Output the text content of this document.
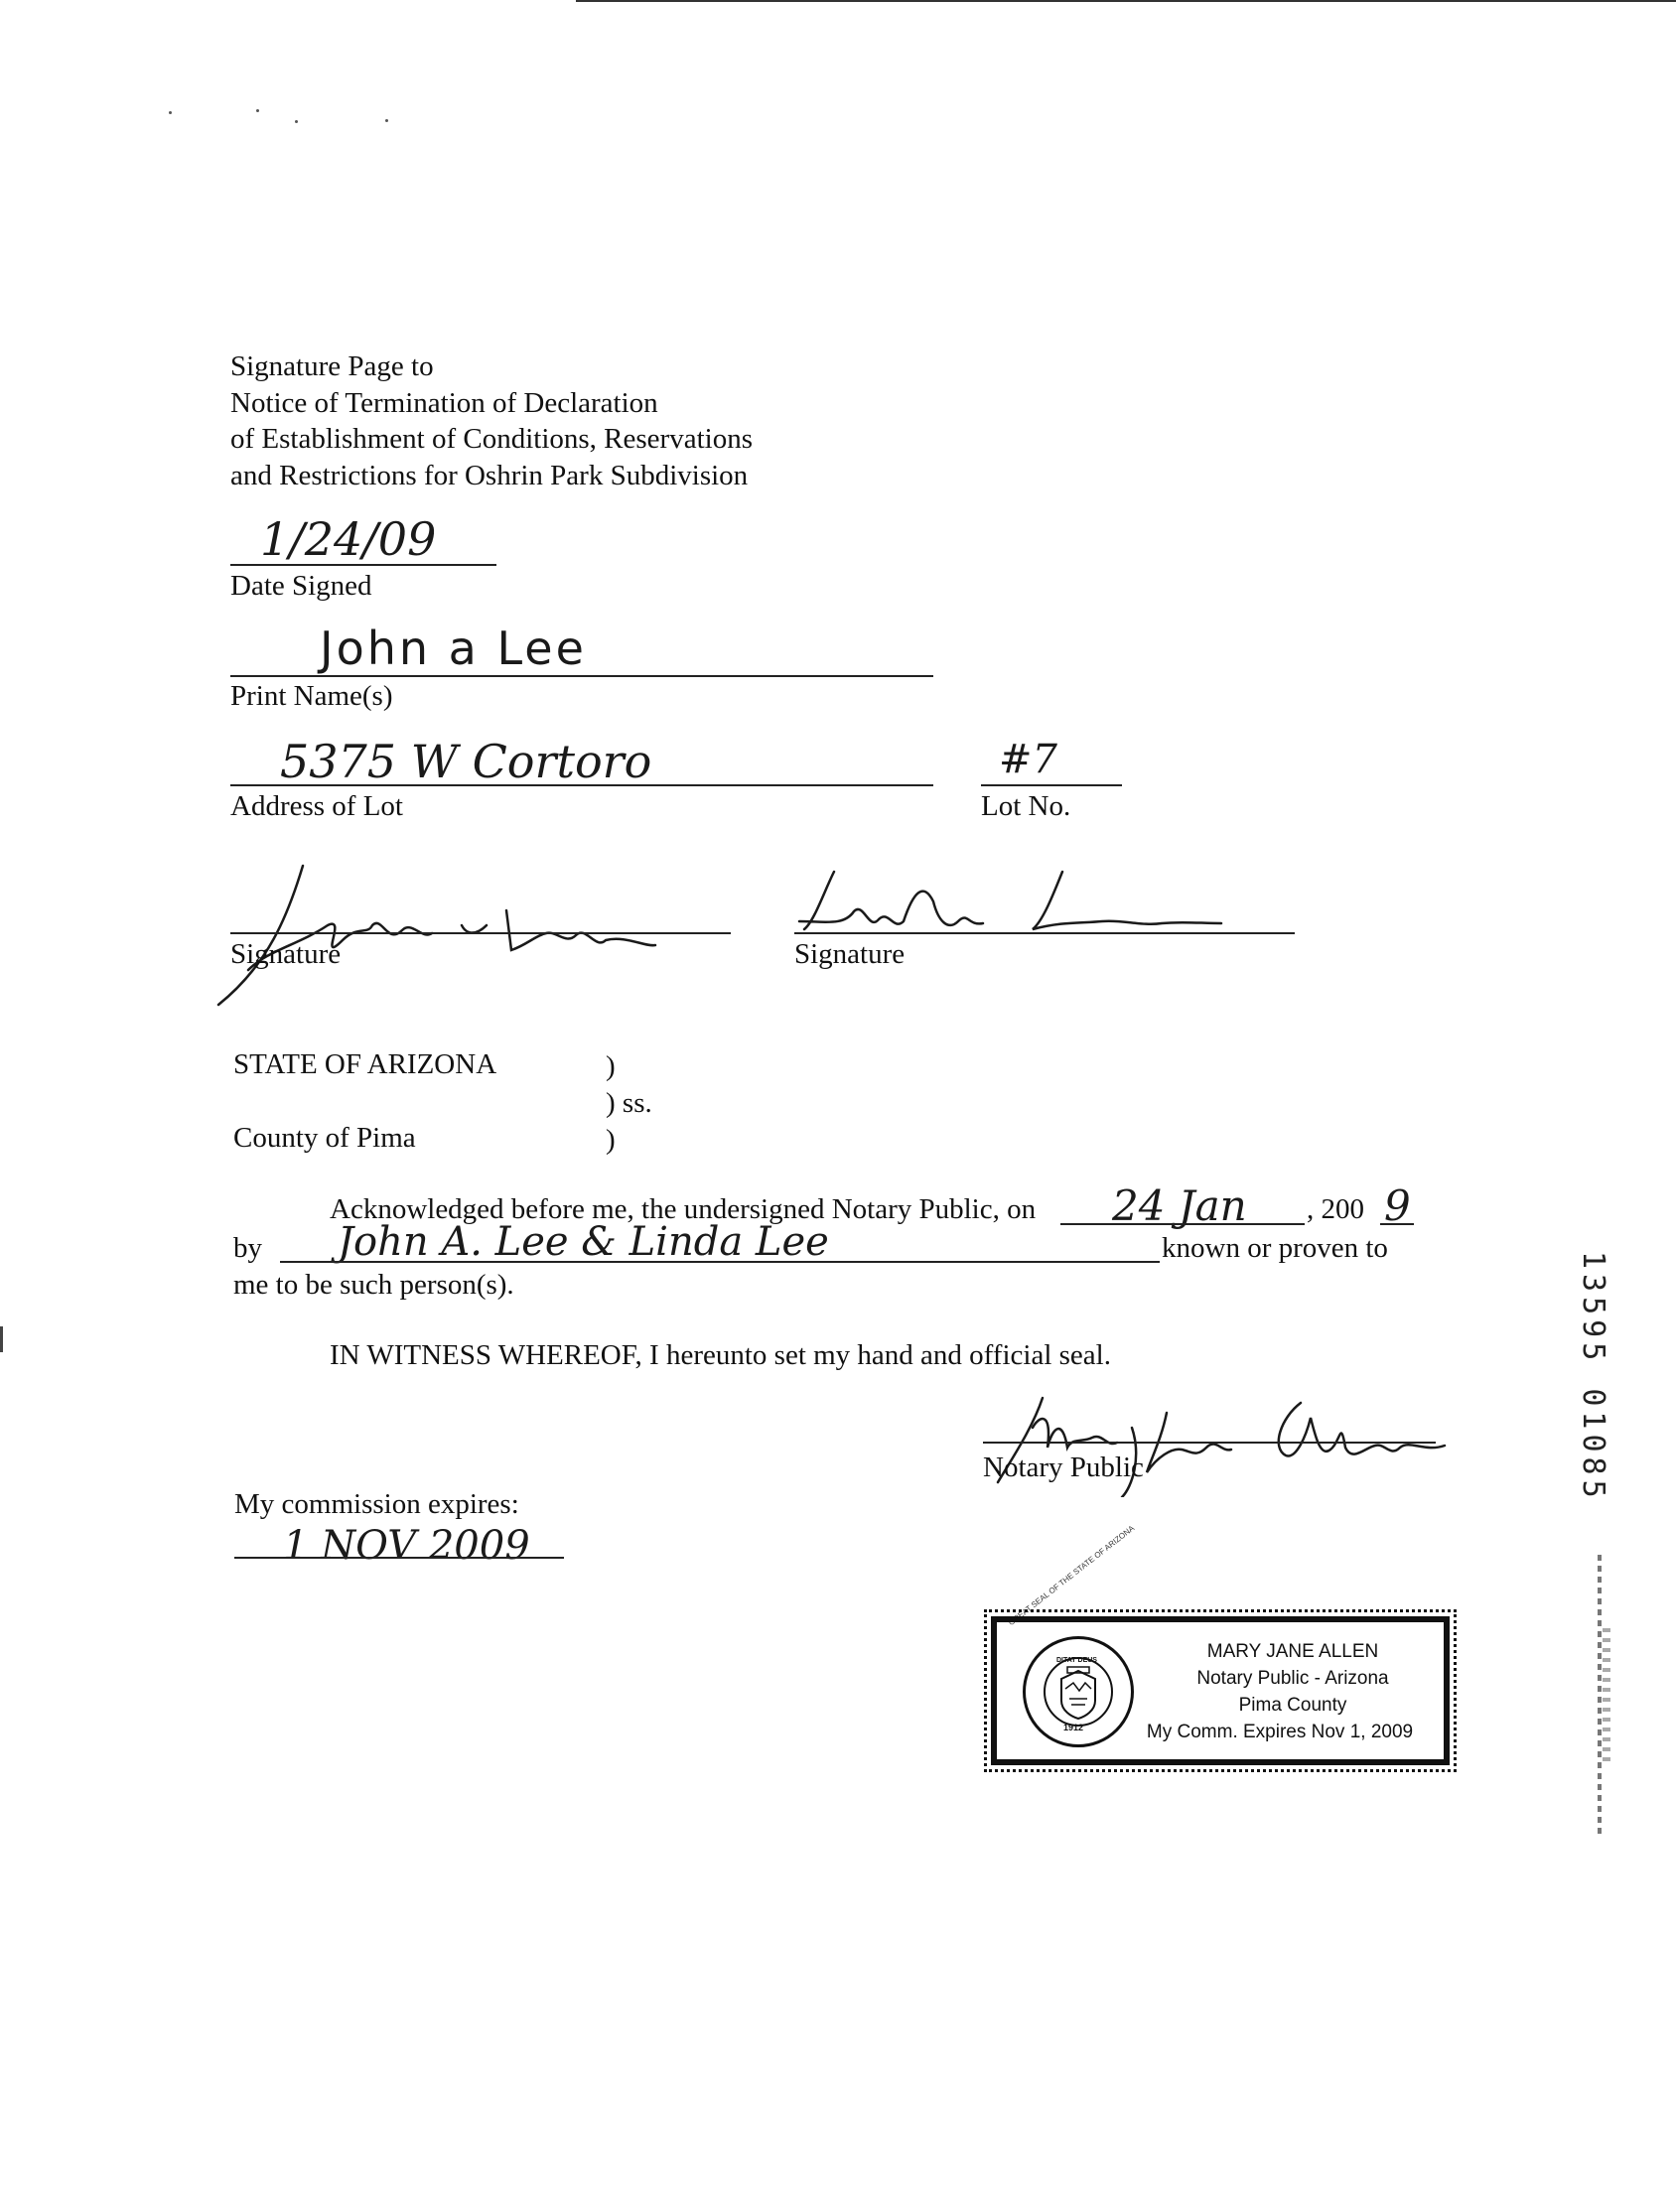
Signature Page to
Notice of Termination of Declaration
of Establishment of Conditions, Reservations
and Restrictions for Oshrin Park Subdivision
1/24/09
Date Signed
John a Lee
Print Name(s)
5375 W Cortoro
Address of Lot
#7
Lot No.
Signature	Signature
STATE OF ARIZONA	)
) ss.
County of Pima	)
Acknowledged before me, the undersigned Notary Public, on 24 Jan , 200 9
by John A. Lee & Linda Lee	known or proven to
me to be such person(s).
IN WITNESS WHEREOF, I hereunto set my hand and official seal.
Notary Public
My commission expires:
1 NOV 2009
1912
DITAT DEUS
GREAT SEAL OF THE STATE OF ARIZONA
MARY JANE ALLEN
Notary Public - Arizona
Pima County
My Comm. Expires Nov 1, 2009
13595 01085
